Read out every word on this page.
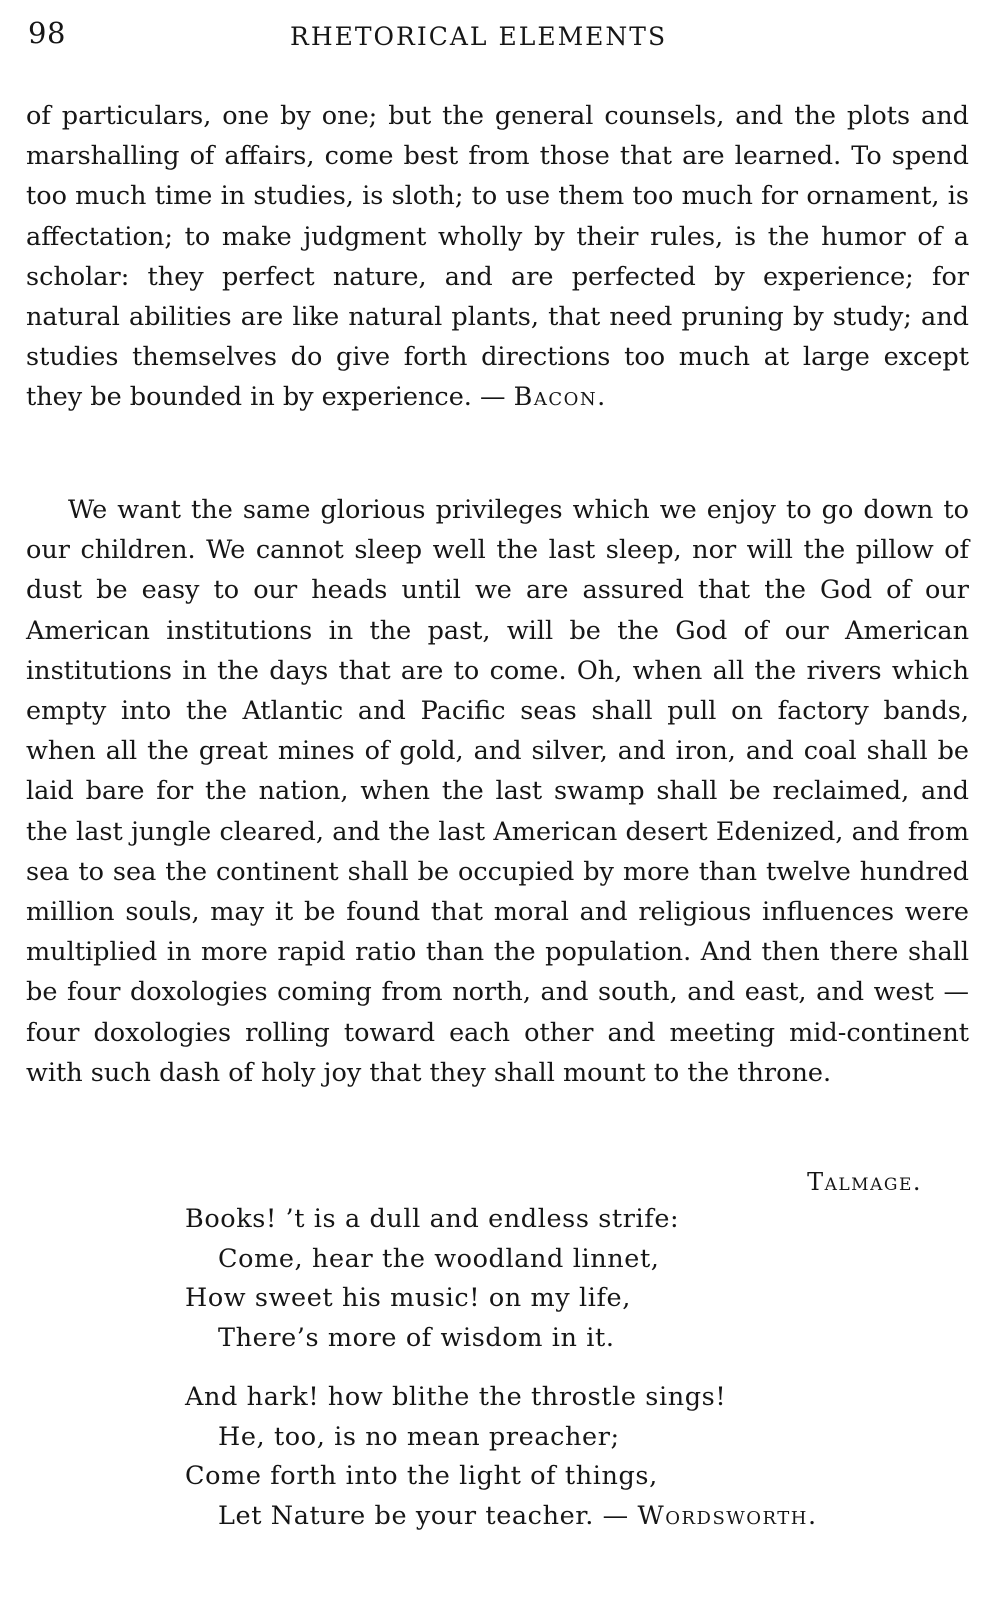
98	RHETORICAL ELEMENTS

of particulars, one by one; but the general counsels, and the plots and marshalling of affairs, come best from those that are learned. To spend too much time in studies, is sloth; to use them too much for ornament, is affectation; to make judgment wholly by their rules, is the humor of a scholar: they perfect nature, and are perfected by experience; for natural abilities are like natural plants, that need pruning by study; and studies themselves do give forth directions too much at large except they be bounded in by experience. — Bacon.

We want the same glorious privileges which we enjoy to go down to our children. We cannot sleep well the last sleep, nor will the pillow of dust be easy to our heads until we are assured that the God of our American institutions in the past, will be the God of our American institutions in the days that are to come. Oh, when all the rivers which empty into the Atlantic and Pacific seas shall pull on factory bands, when all the great mines of gold, and silver, and iron, and coal shall be laid bare for the nation, when the last swamp shall be reclaimed, and the last jungle cleared, and the last American desert Edenized, and from sea to sea the continent shall be occupied by more than twelve hundred million souls, may it be found that moral and religious influences were multiplied in more rapid ratio than the population. And then there shall be four doxologies coming from north, and south, and east, and west — four doxologies rolling toward each other and meeting mid-continent with such dash of holy joy that they shall mount to the throne.

Talmage.
Books! ’t is a dull and endless strife:
Come, hear the woodland linnet,
How sweet his music! on my life,
There’s more of wisdom in it.
And hark! how blithe the throstle sings!
He, too, is no mean preacher;
Come forth into the light of things,
Let Nature be your teacher. — Wordsworth.
